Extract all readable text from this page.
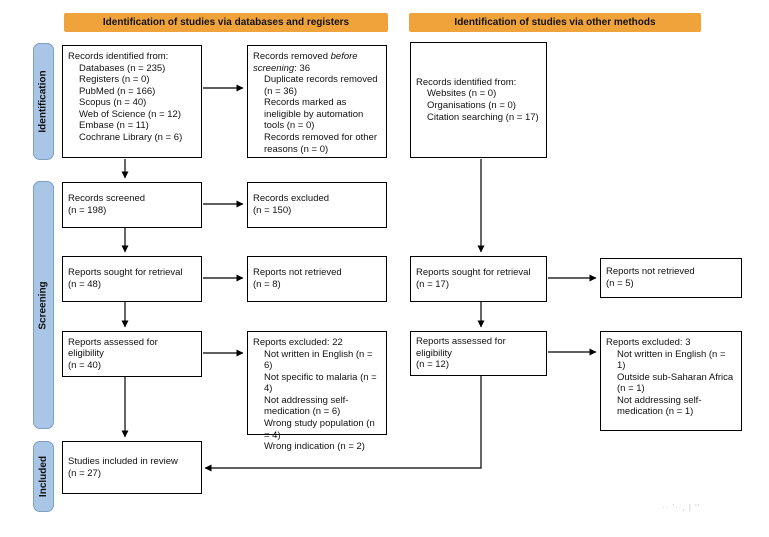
Identification of studies via databases and registers	Identification of studies via other methods
Identification
Screening
Included
Records identified from:
Databases (n = 235)
Registers (n = 0)
PubMed (n = 166)
Scopus (n = 40)
Web of Science (n = 12)
Embase (n = 11)
Cochrane Library (n = 6)
Records screened
(n = 198)
Reports sought for retrieval
(n = 48)
Reports assessed for eligibility
(n = 40)
Studies included in review
(n = 27)
Records removed before screening: 36
Duplicate records removed (n = 36)
Records marked as ineligible by automation tools (n = 0)
Records removed for other reasons (n = 0)
Records excluded
(n = 150)
Reports not retrieved
(n = 8)
Reports excluded: 22
Not written in English (n = 6)
Not specific to malaria (n = 4)
Not addressing self-medication (n = 6)
Wrong study population (n = 4)
Wrong indication (n = 2)
Records identified from:
Websites (n = 0)
Organisations (n = 0)
Citation searching (n = 17)
Reports sought for retrieval
(n = 17)
Reports assessed for eligibility
(n = 12)
Reports not retrieved
(n = 5)
Reports excluded: 3
Not written in English (n = 1)
Outside sub-Saharan Africa (n = 1)
Not addressing self-medication (n = 1)
·· '··, | ''
